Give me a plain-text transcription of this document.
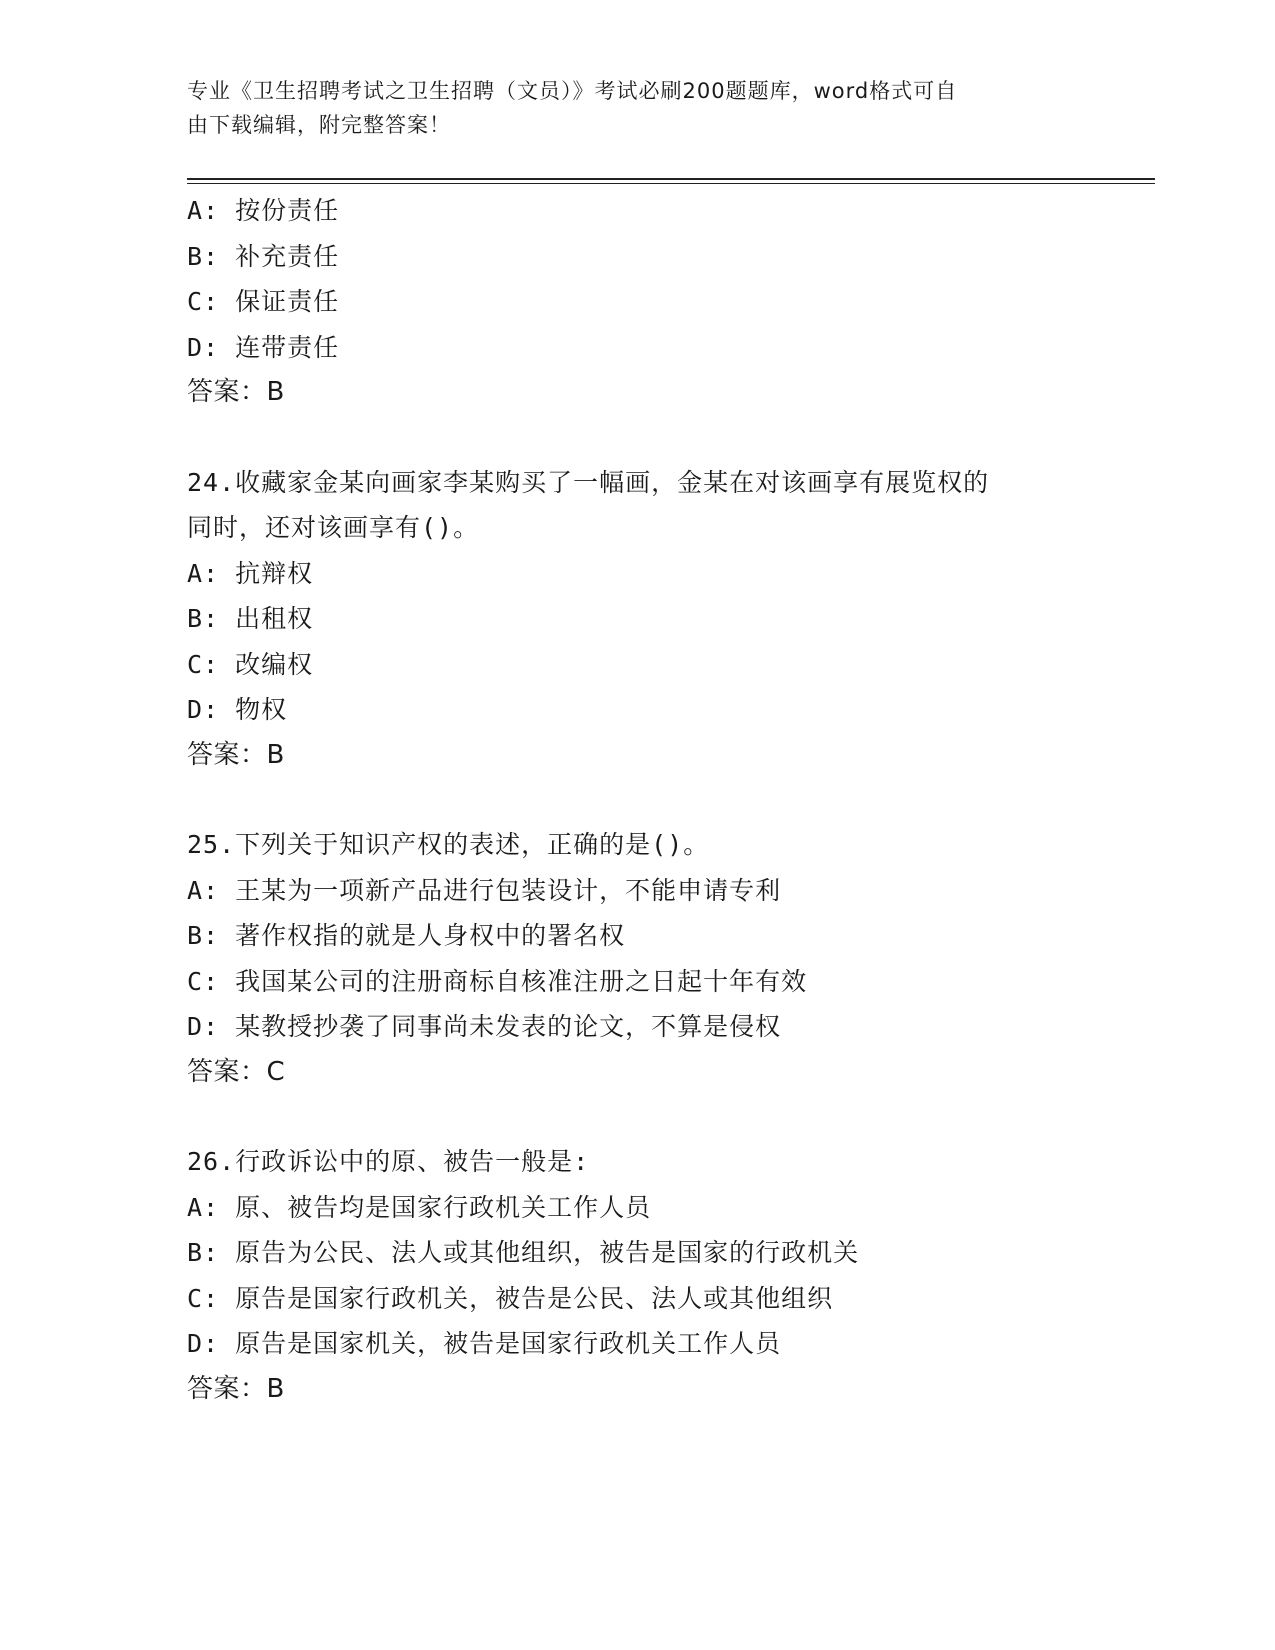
专业《卫生招聘考试之卫生招聘（文员）》考试必刷200题题库，word格式可自
由下载编辑，附完整答案！
A: 按份责任
B: 补充责任
C: 保证责任
D: 连带责任
答案：B
24.收藏家金某向画家李某购买了一幅画，金某在对该画享有展览权的
同时，还对该画享有()。
A: 抗辩权
B: 出租权
C: 改编权
D: 物权
答案：B
25.下列关于知识产权的表述，正确的是()。
A: 王某为一项新产品进行包装设计，不能申请专利
B: 著作权指的就是人身权中的署名权
C: 我国某公司的注册商标自核准注册之日起十年有效
D: 某教授抄袭了同事尚未发表的论文，不算是侵权
答案：C
26.行政诉讼中的原、被告一般是:
A: 原、被告均是国家行政机关工作人员
B: 原告为公民、法人或其他组织，被告是国家的行政机关
C: 原告是国家行政机关，被告是公民、法人或其他组织
D: 原告是国家机关，被告是国家行政机关工作人员
答案：B
